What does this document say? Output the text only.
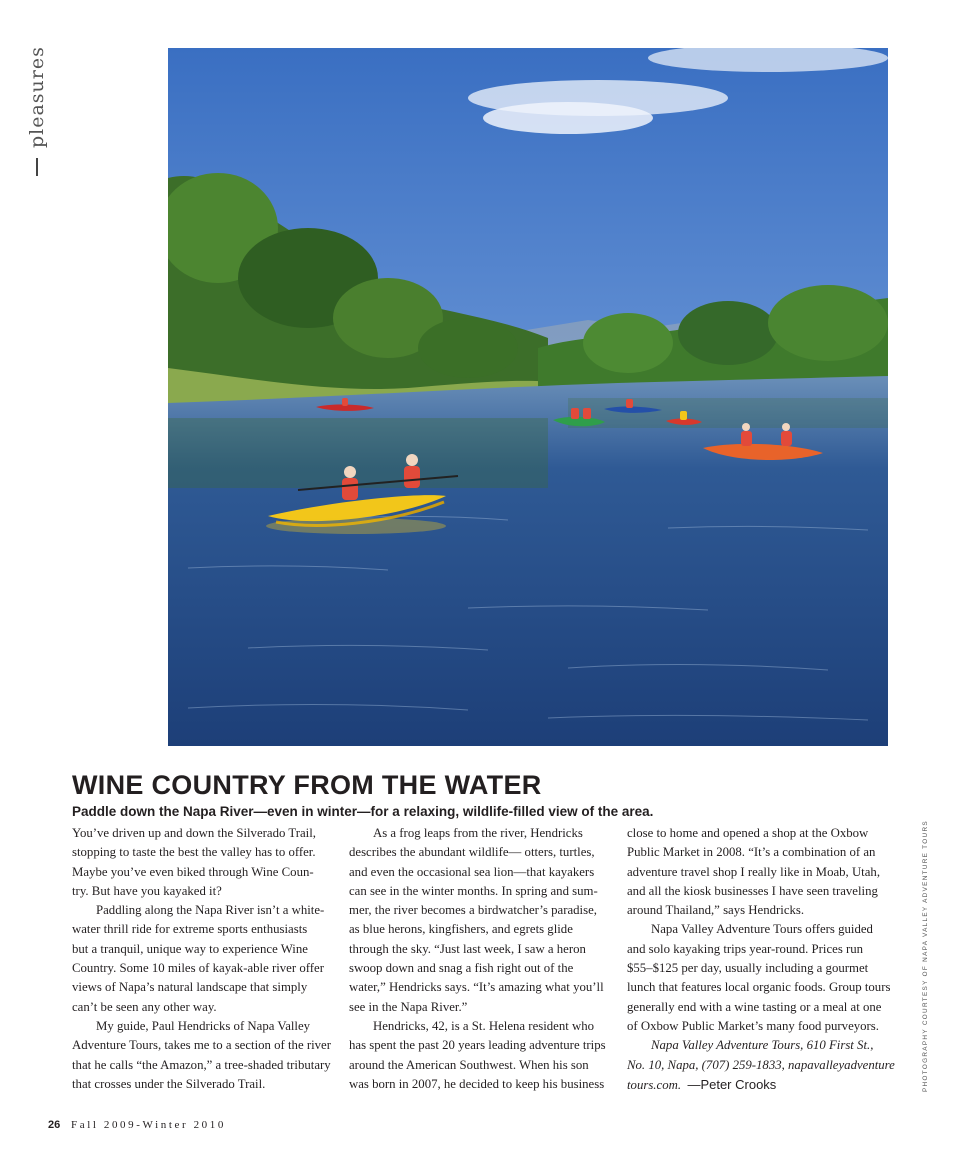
pleasures
PHOTOGRAPHY COURTESY OF NAPA VALLEY ADVENTURE TOURS
WINE COUNTRY FROM THE WATER

Paddle down the Napa River—even in winter—for a relaxing, wildlife-filled view of the area.

You’ve driven up and down the Silverado Trail,

stopping to taste the best the valley has to offer.

Maybe you’ve even biked through Wine Coun-

try. But have you kayaked it?

Paddling along the Napa River isn’t a white-

water thrill ride for extreme sports enthusiasts

but a tranquil, unique way to experience Wine

Country. Some 10 miles of kayak-able river offer

views of Napa’s natural landscape that simply

can’t be seen any other way.

My guide, Paul Hendricks of Napa Valley

Adventure Tours, takes me to a section of the river

that he calls “the Amazon,” a tree-shaded tributary

that crosses under the Silverado Trail.

As a frog leaps from the river, Hendricks

describes the abundant wildlife— otters, turtles,

and even the occasional sea lion—that kayakers

can see in the winter months. In spring and sum-

mer, the river becomes a birdwatcher’s paradise,

as blue herons, kingfishers, and egrets glide

through the sky. “Just last week, I saw a heron

swoop down and snag a fish right out of the

water,” Hendricks says. “It’s amazing what you’ll

see in the Napa River.”

Hendricks, 42, is a St. Helena resident who

has spent the past 20 years leading adventure trips

around the American Southwest. When his son

was born in 2007, he decided to keep his business

close to home and opened a shop at the Oxbow

Public Market in 2008. “It’s a combination of an

adventure travel shop I really like in Moab, Utah,

and all the kiosk businesses I have seen traveling

around Thailand,” says Hendricks.

Napa Valley Adventure Tours offers guided

and solo kayaking trips year-round. Prices run

$55–$125 per day, usually including a gourmet

lunch that features local organic foods. Group tours

generally end with a wine tasting or a meal at one

of Oxbow Public Market’s many food purveyors.

Napa Valley Adventure Tours, 610 First St.,

No. 10, Napa, (707) 259-1833, napavalleyadventure

tours.com. —Peter Crooks

26 Fall 2009-Winter 2010
